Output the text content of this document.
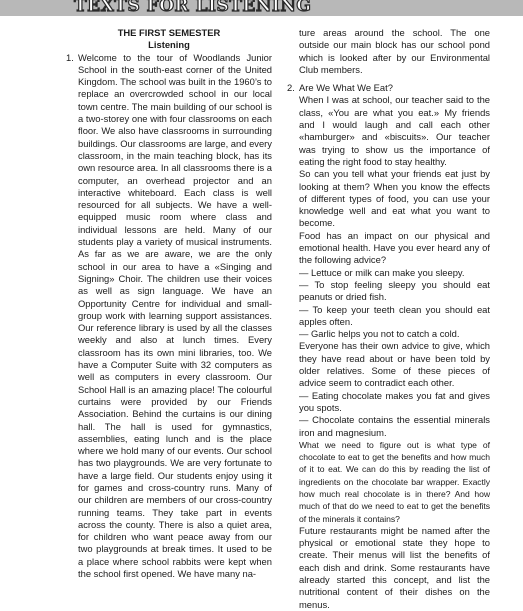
TEXTS FOR LISTENING
THE FIRST SEMESTER
Listening
1. Welcome to the tour of Woodlands Junior School in the south-east corner of the United Kingdom. The school was built in the 1960’s to replace an overcrowded school in our local town centre. The main building of our school is a two-storey one with four classrooms on each floor. We also have classrooms in surrounding buildings. Our classrooms are large, and every classroom, in the main teaching block, has its own resource area. In all classrooms there is a computer, an overhead projector and an interactive whiteboard. Each class is well resourced for all subjects. We have a well-equipped music room where class and individual lessons are held. Many of our students play a variety of musical instruments. As far as we are aware, we are the only school in our area to have a «Singing and Signing» Choir. The children use their voices as well as sign language. We have an Opportunity Centre for individual and small-group work with learning support assistances. Our reference library is used by all the classes weekly and also at lunch times. Every classroom has its own mini libraries, too. We have a Computer Suite with 32 computers as well as computers in every classroom. Our School Hall is an amazing place! The colourful curtains were provided by our Friends Association. Behind the curtains is our dining hall. The hall is used for gymnastics, assemblies, eating lunch and is the place where we hold many of our events. Our school has two playgrounds. We are very fortunate to have a large field. Our students enjoy using it for games and cross-country runs. Many of our children are members of our cross-country running teams. They take part in events across the county. There is also a quiet area, for children who want peace away from our two playgrounds at break times. It used to be a place where school rabbits were kept when the school first opened. We have many na-
ture areas around the school. The one outside our main block has our school pond which is looked after by our Environmental Club members.
2. Are We What We Eat?
When I was at school, our teacher said to the class, «You are what you eat.» My friends and I would laugh and call each other «hamburger» and «biscuits». Our teacher was trying to show us the importance of eating the right food to stay healthy.
So can you tell what your friends eat just by looking at them? When you know the effects of different types of food, you can use your knowledge well and eat what you want to become.
Food has an impact on our physical and emotional health. Have you ever heard any of the following advice?
— Lettuce or milk can make you sleepy.
— To stop feeling sleepy you should eat peanuts or dried fish.
— To keep your teeth clean you should eat apples often.
— Garlic helps you not to catch a cold.
Everyone has their own advice to give, which they have read about or have been told by older relatives. Some of these pieces of advice seem to contradict each other.
— Eating chocolate makes you fat and gives you spots.
— Chocolate contains the essential minerals iron and magnesium.
What we need to figure out is what type of chocolate to eat to get the benefits and how much of it to eat. We can do this by reading the list of ingredients on the chocolate bar wrapper. Exactly how much real chocolate is in there? And how much of that do we need to eat to get the benefits of the minerals it contains?
Future restaurants might be named after the physical or emotional state they hope to create. Their menus will list the benefits of each dish and drink. Some restaurants have already started this concept, and list the nutritional content of their dishes on the menus.
